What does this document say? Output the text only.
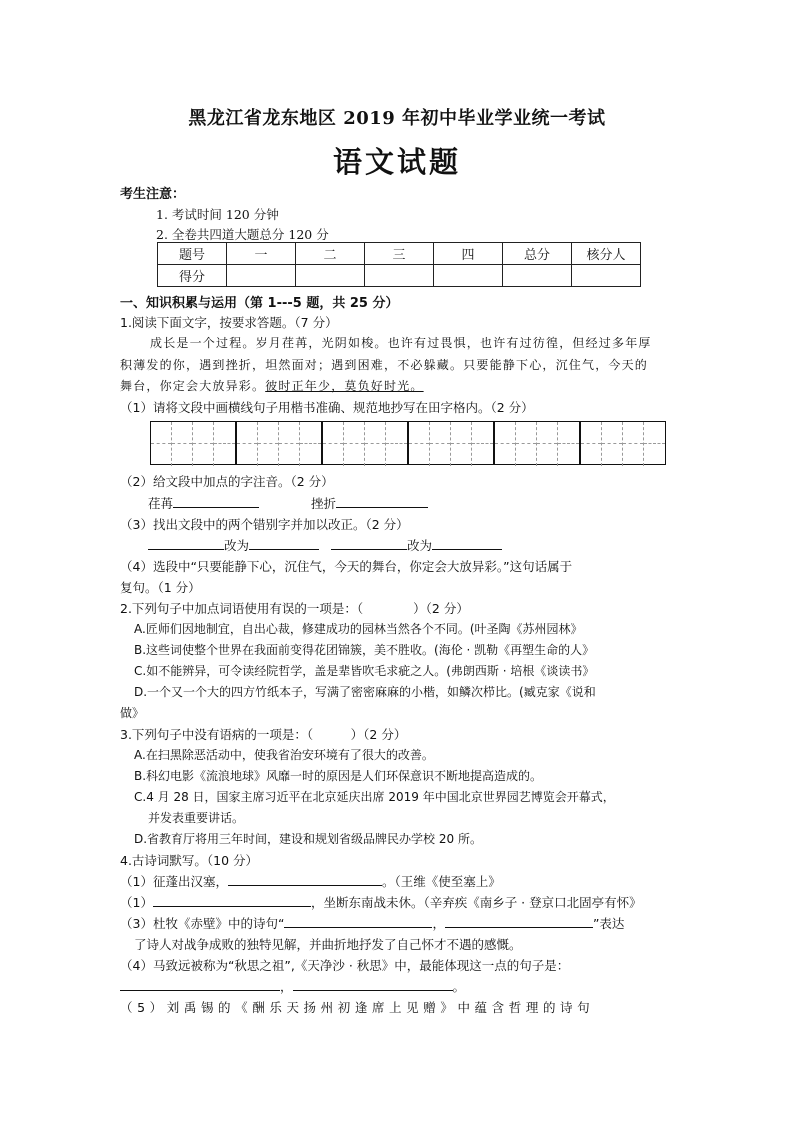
黑龙江省龙东地区 2019 年初中毕业学业统一考试
语文试题
考生注意：
1. 考试时间 120 分钟
2. 全卷共四道大题总分 120 分
题号	一	二	三	四	总分	核分人
得分						
一、知识积累与运用（第 1---5 题，共 25 分）
1.阅读下面文字，按要求答题。（7 分）
成长是一个过程。岁月荏苒，光阴如梭。也许有过畏惧，也许有过彷徨，但经过多年厚
积薄发的你，遇到挫折，坦然面对；遇到困难，不必躲藏。只要能静下心，沉住气，今天的
舞台，你定会大放异彩。彼时正年少，莫负好时光。
（1）请将文段中画横线句子用楷书准确、规范地抄写在田字格内。（2 分）
（2）给文段中加点的字注音。（2 分）
荏苒	挫折
（3）找出文段中的两个错别字并加以改正。（2 分）
改为	改为
（4）选段中“只要能静下心，沉住气，今天的舞台，你定会大放异彩。”这句话属于
复句。（1 分）
2.下列句子中加点词语使用有误的一项是：（　　　　）（2 分）
A.匠师们因地制宜，自出心裁，修建成功的园林当然各个不同。(叶圣陶《苏州园林》
B.这些词使整个世界在我面前变得花团锦簇，美不胜收。(海伦 · 凯勒《再塑生命的人》
C.如不能辨异，可令读经院哲学，盖是辈皆吹毛求疵之人。(弗朗西斯 · 培根《谈读书》
D.一个又一个大的四方竹纸本子，写满了密密麻麻的小楷，如鳞次栉比。(臧克家《说和
做》
3.下列句子中没有语病的一项是：（　　　）（2 分）
A.在扫黑除恶活动中，使我省治安环境有了很大的改善。
B.科幻电影《流浪地球》风靡一时的原因是人们环保意识不断地提高造成的。
C.4 月 28 日，国家主席习近平在北京延庆出席 2019 年中国北京世界园艺博览会开幕式，
并发表重要讲话。
D.省教育厅将用三年时间，建设和规划省级品牌民办学校 20 所。
4.古诗词默写。（10 分）
（1）征蓬出汉塞，	。（王维《使至塞上》
（1）	，坐断东南战未休。（辛弃疾《南乡子 · 登京口北固亭有怀》
（3）杜牧《赤壁》中的诗句“	，	”表达
了诗人对战争成败的独特见解，并曲折地抒发了自己怀才不遇的感慨。
（4）马致远被称为“秋思之祖”,《天净沙 · 秋思》中，最能体现这一点的句子是：
，	。
（5）刘禹锡的《酬乐天扬州初逢席上见赠》中蕴含哲理的诗句
